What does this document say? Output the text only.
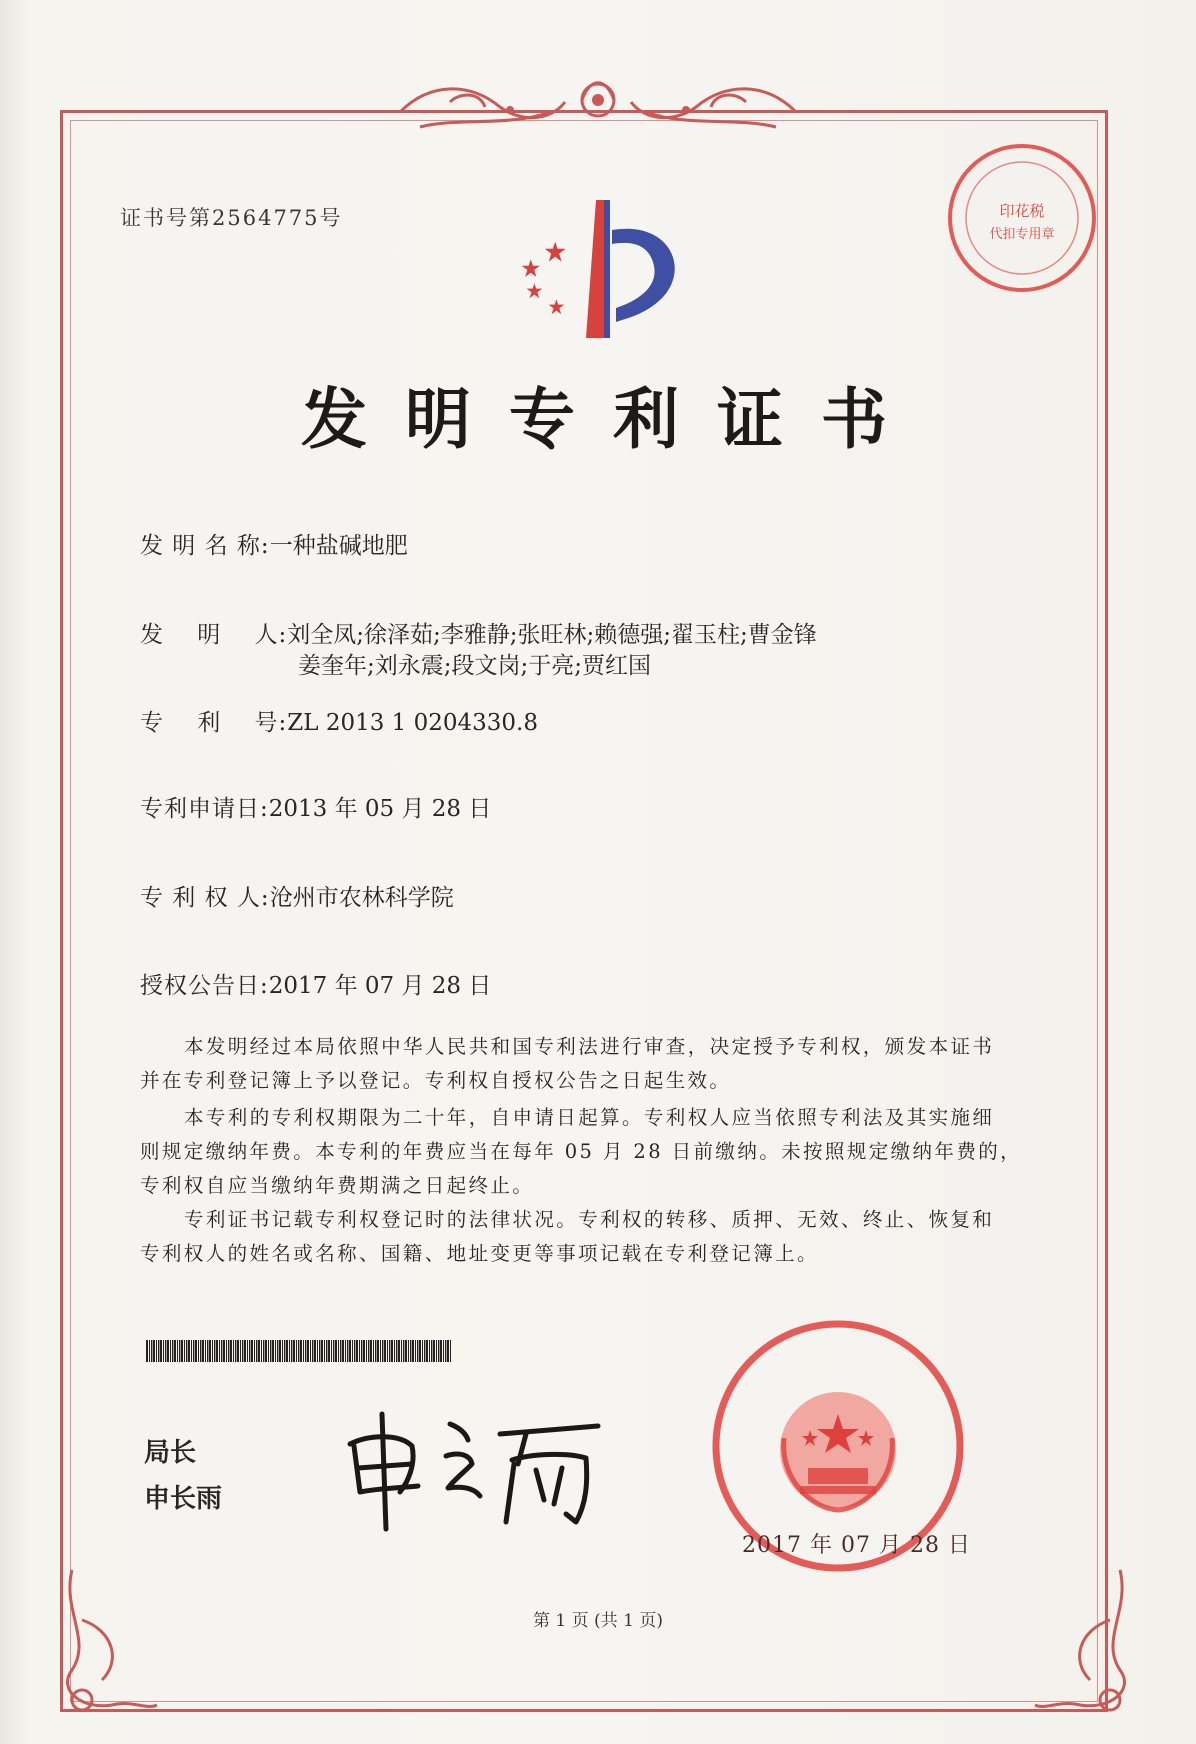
证书号第2564775号	印花税
代扣专用章
发明专利证书
发 明 名 称:一种盐碱地肥
发    明    人:刘全凤;徐泽茹;李雅静;张旺林;赖德强;翟玉柱;曹金锋
姜奎年;刘永震;段文岗;于亮;贾红国
专    利    号:ZL 2013 1 0204330.8
专利申请日:2013 年 05 月 28 日
专 利 权 人:沧州市农林科学院
授权公告日:2017 年 07 月 28 日
本发明经过本局依照中华人民共和国专利法进行审查，决定授予专利权，颁发本证书
并在专利登记簿上予以登记。专利权自授权公告之日起生效。
本专利的专利权期限为二十年，自申请日起算。专利权人应当依照专利法及其实施细
则规定缴纳年费。本专利的年费应当在每年 05 月 28 日前缴纳。未按照规定缴纳年费的，
专利权自应当缴纳年费期满之日起终止。
专利证书记载专利权登记时的法律状况。专利权的转移、质押、无效、终止、恢复和
专利权人的姓名或名称、国籍、地址变更等事项记载在专利登记簿上。
局长
申长雨
2017 年 07 月 28 日
第 1 页 (共 1 页)
